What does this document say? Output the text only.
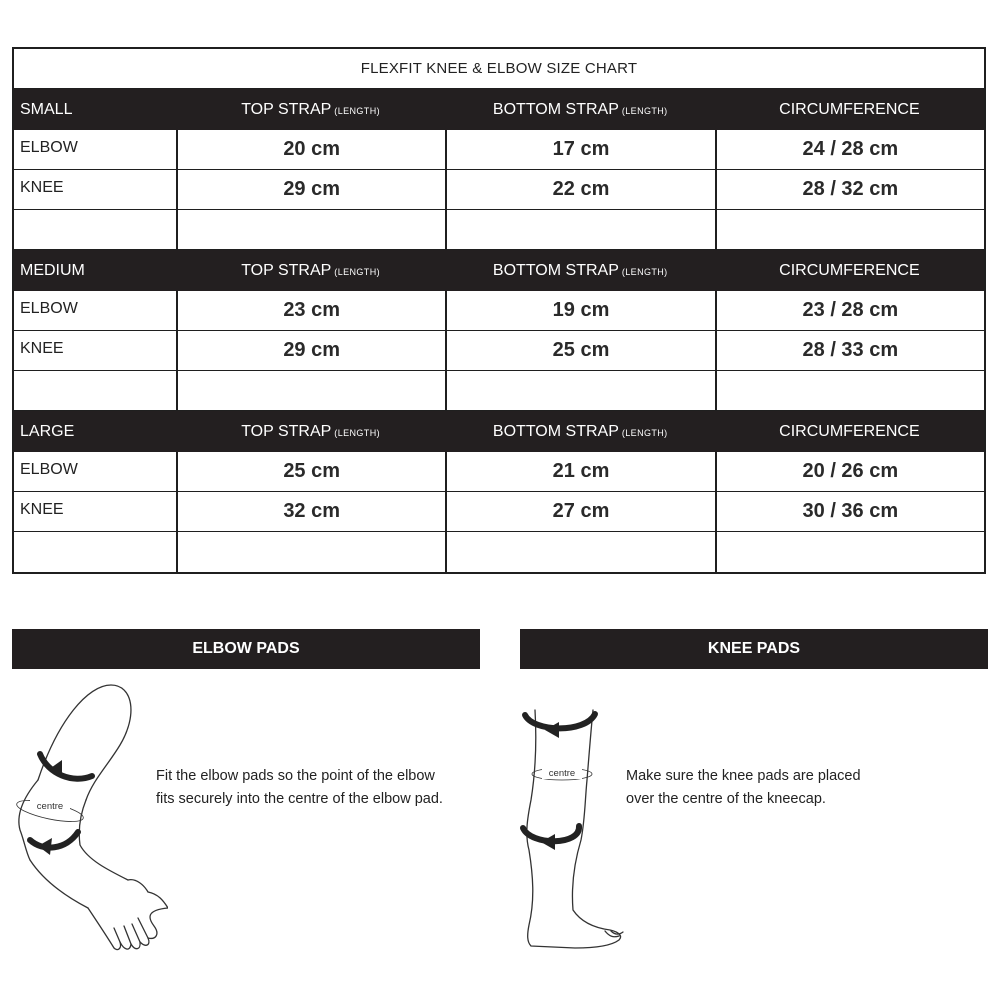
FLEXFIT KNEE & ELBOW SIZE CHART
SMALL	TOP STRAP (LENGTH)	BOTTOM STRAP (LENGTH)	CIRCUMFERENCE
ELBOW	20 cm	17 cm	24 / 28 cm
KNEE	29 cm	22 cm	28 / 32 cm
MEDIUM	TOP STRAP (LENGTH)	BOTTOM STRAP (LENGTH)	CIRCUMFERENCE
ELBOW	23 cm	19 cm	23 / 28 cm
KNEE	29 cm	25 cm	28 / 33 cm
LARGE	TOP STRAP (LENGTH)	BOTTOM STRAP (LENGTH)	CIRCUMFERENCE
ELBOW	25 cm	21 cm	20 / 26 cm
KNEE	32 cm	27 cm	30 / 36 cm
ELBOW PADS
centre
Fit the elbow pads so the point of the elbow
fits securely into the centre of the elbow pad.
KNEE PADS
centre	Make sure the knee pads are placed
over the centre of the kneecap.
